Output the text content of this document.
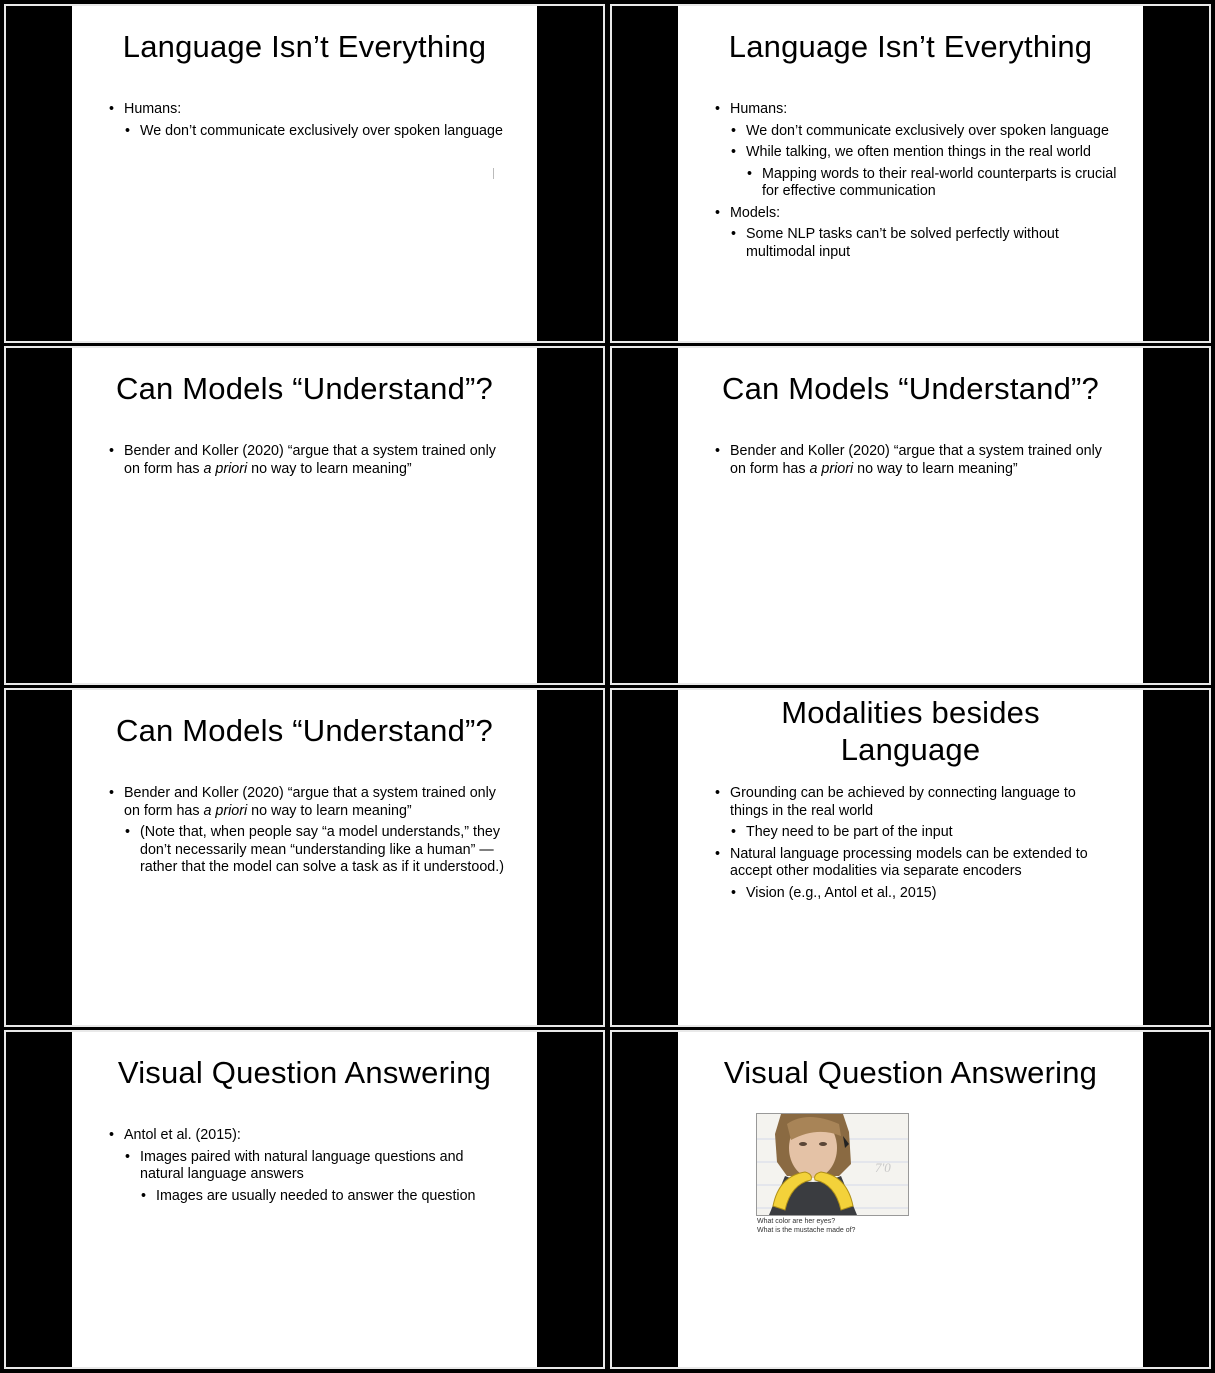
Language Isn’t Everything
• Humans:
• We don’t communicate exclusively over spoken language
Language Isn’t Everything
• Humans:
• We don’t communicate exclusively over spoken language
• While talking, we often mention things in the real world
• Mapping words to their real-world counterparts is crucial for effective communication
• Models:
• Some NLP tasks can’t be solved perfectly without multimodal input
Can Models “Understand”?
• Bender and Koller (2020) “argue that a system trained only on form has a priori no way to learn meaning”
Can Models “Understand”?
• Bender and Koller (2020) “argue that a system trained only on form has a priori no way to learn meaning”
Can Models “Understand”?
• Bender and Koller (2020) “argue that a system trained only on form has a priori no way to learn meaning”
• (Note that, when people say “a model understands,” they don’t necessarily mean “understanding like a human” — rather that the model can solve a task as if it understood.)
Modalities besides
Language
• Grounding can be achieved by connecting language to things in the real world
• They need to be part of the input
• Natural language processing models can be extended to accept other modalities via separate encoders
• Vision (e.g., Antol et al., 2015)
Visual Question Answering
• Antol et al. (2015):
• Images paired with natural language questions and natural language answers
• Images are usually needed to answer the question
Visual Question Answering
7'0
What color are her eyes?
What is the mustache made of?
